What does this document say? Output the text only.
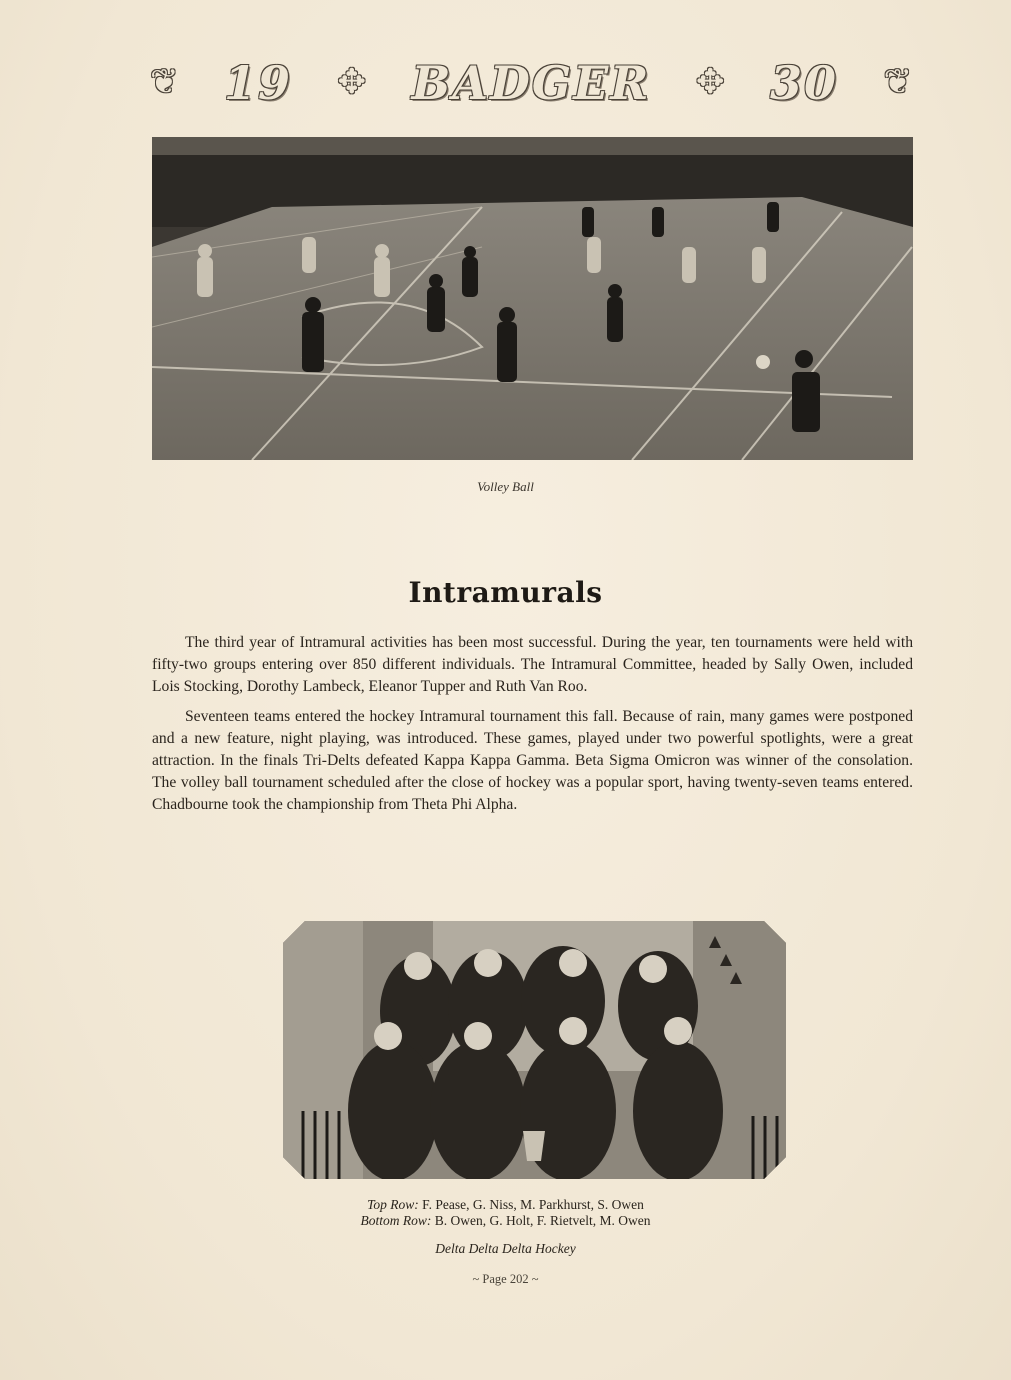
❦ 19 ✥ BADGER ✥ 30 ❦
Volley Ball
Intramurals

The third year of Intramural activities has been most successful. During the year, ten tournaments were held with fifty-two groups entering over 850 different individuals. The Intramural Committee, headed by Sally Owen, included Lois Stocking, Dorothy Lambeck, Eleanor Tupper and Ruth Van Roo.

Seventeen teams entered the hockey Intramural tournament this fall. Because of rain, many games were postponed and a new feature, night playing, was introduced. These games, played under two powerful spotlights, were a great attraction. In the finals Tri-Delts defeated Kappa Kappa Gamma. Beta Sigma Omicron was winner of the consolation. The volley ball tournament scheduled after the close of hockey was a popular sport, having twenty-seven teams entered. Chadbourne took the championship from Theta Phi Alpha.

Top Row: F. Pease, G. Niss, M. Parkhurst, S. Owen
Bottom Row: B. Owen, G. Holt, F. Rietvelt, M. Owen
Delta Delta Delta Hockey
~ Page 202 ~
